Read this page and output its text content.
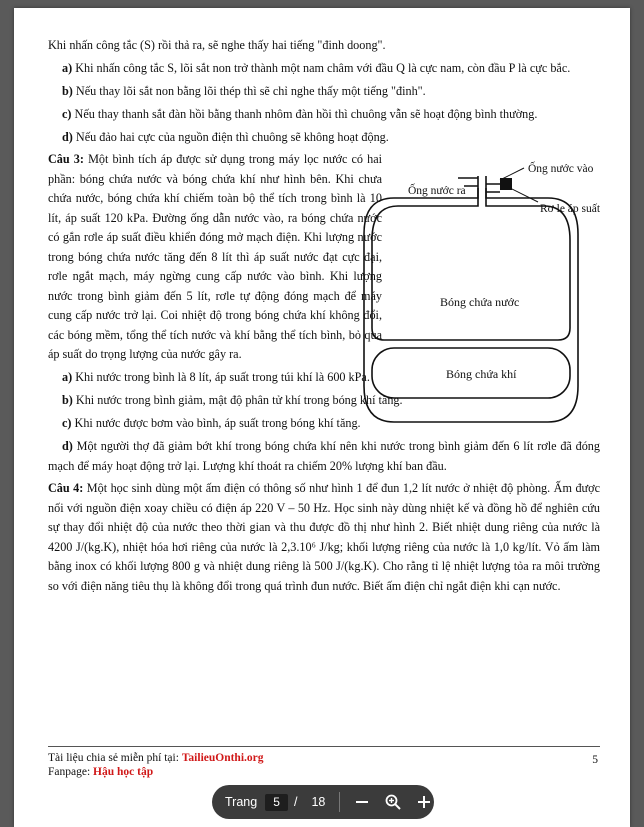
Khi nhấn công tắc (S) rồi thả ra, sẽ nghe thấy hai tiếng "đinh doong".

a) Khi nhấn công tắc S, lõi sắt non trở thành một nam châm với đầu Q là cực nam, còn đầu P là cực bắc.

b) Nếu thay lõi sắt non bằng lõi thép thì sẽ chỉ nghe thấy một tiếng "đinh".

c) Nếu thay thanh sắt đàn hồi bằng thanh nhôm đàn hồi thì chuông vẫn sẽ hoạt động bình thường.

d) Nếu đảo hai cực của nguồn điện thì chuông sẽ không hoạt động.

Câu 3: Một bình tích áp được sử dụng trong máy lọc nước có hai phần: bóng chứa nước và bóng chứa khí như hình bên. Khi chưa chứa nước, bóng chứa khí chiếm toàn bộ thể tích trong bình là 10 lít, áp suất 120 kPa. Đường ống dẫn nước vào, ra bóng chứa nước có gắn rơle áp suất điều khiển đóng mở mạch điện. Khi lượng nước trong bóng chứa nước tăng đến 8 lít thì áp suất nước đạt cực đại, rơle ngắt mạch, máy ngừng cung cấp nước vào bình. Khi lượng nước trong bình giảm đến 5 lít, rơle tự động đóng mạch để máy cung cấp nước trở lại. Coi nhiệt độ trong bóng chứa khí không đổi, các bóng mềm, tổng thể tích nước và khí bằng thể tích bình, bỏ qua áp suất do trọng lượng của nước gây ra.

a) Khi nước trong bình là 8 lít, áp suất trong túi khí là 600 kPa.

b) Khi nước trong bình giảm, mật độ phân tử khí trong bóng khí tăng.

c) Khi nước được bơm vào bình, áp suất trong bóng khí tăng.

d) Một người thợ đã giảm bớt khí trong bóng chứa khí nên khi nước trong bình giảm đến 6 lít rơle đã đóng mạch để máy hoạt động trở lại. Lượng khí thoát ra chiếm 20% lượng khí ban đầu.

Câu 4: Một học sinh dùng một ấm điện có thông số như hình 1 để đun 1,2 lít nước ở nhiệt độ phòng. Ấm được nối với nguồn điện xoay chiều có điện áp 220 V – 50 Hz. Học sinh này dùng nhiệt kế và đồng hồ để nghiên cứu sự thay đổi nhiệt độ của nước theo thời gian và thu được đồ thị như hình 2. Biết nhiệt dung riêng của nước là 4200 J/(kg.K), nhiệt hóa hơi riêng của nước là 2,3.10⁶ J/kg; khối lượng riêng của nước là 1,0 kg/lít. Vỏ ấm làm bằng inox có khối lượng 800 g và nhiệt dung riêng là 500 J/(kg.K). Cho rằng tỉ lệ nhiệt lượng tỏa ra môi trường so với điện năng tiêu thụ là không đổi trong quá trình đun nước. Biết ấm điện chỉ ngắt điện khi cạn nước.

Ống nước vào
Ống nước ra
Rơ le áp suất
Bóng chứa nước
Bóng chứa khí
Tài liệu chia sẻ miễn phí tại: TailieuOnthi.org
Fanpage: Hậu học tập
5
Trang	5	/ 18
